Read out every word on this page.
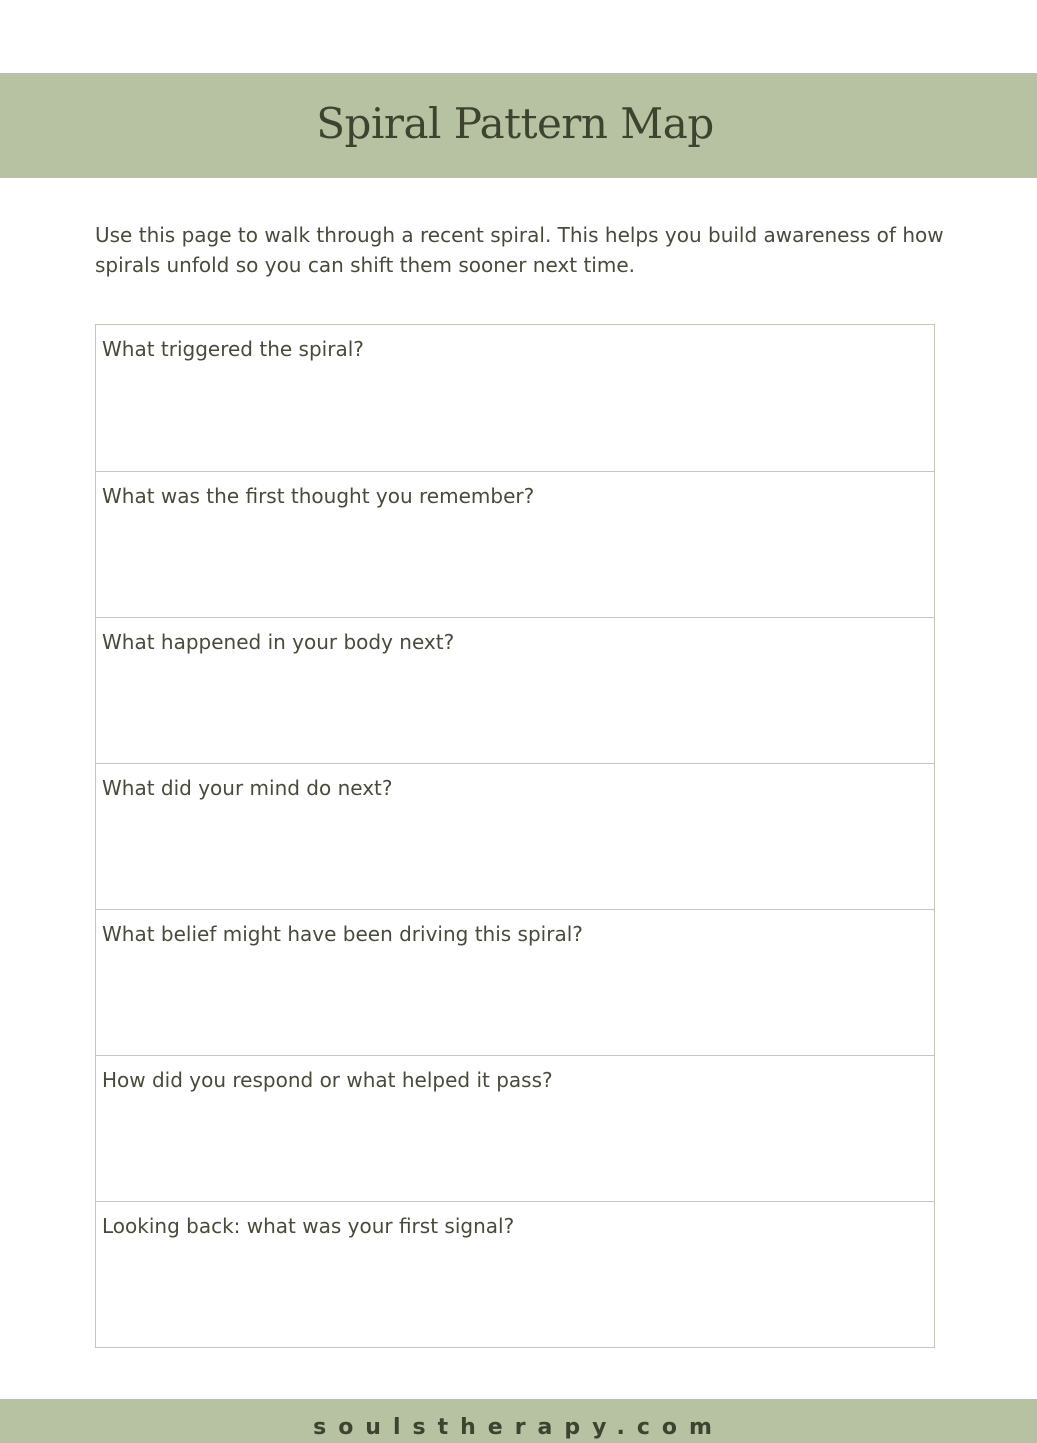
Spiral Pattern Map

Use this page to walk through a recent spiral. This helps you build awareness of how spirals unfold so you can shift them sooner next time.

What triggered the spiral?
What was the first thought you remember?
What happened in your body next?
What did your mind do next?
What belief might have been driving this spiral?
How did you respond or what helped it pass?
Looking back: what was your first signal?
soulstherapy.com
